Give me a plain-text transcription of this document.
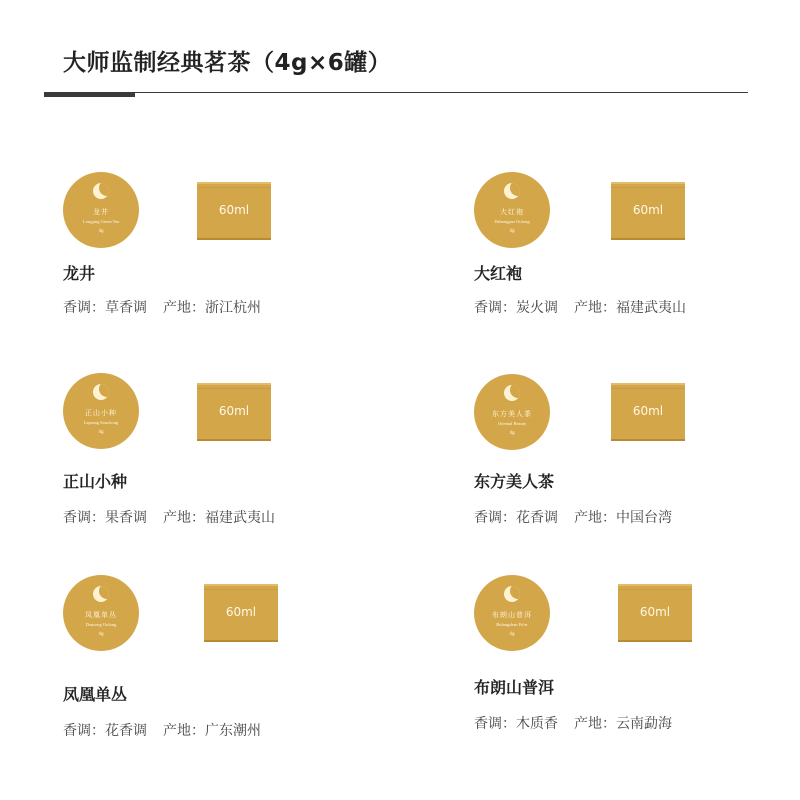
大师监制经典茗茶（4g×6罐）
龙井
Longjing Green Tea
4g
60ml
龙井
香调：草香调 产地：浙江杭州
大红袍
Dahongpao Oolong
4g
60ml
大红袍
香调：炭火调 产地：福建武夷山
正山小种
Lapsang Souchong
4g
60ml
正山小种
香调：果香调 产地：福建武夷山
东方美人茶
Oriental Beauty
4g
60ml
东方美人茶
香调：花香调 产地：中国台湾
凤凰单丛
Dancong Oolong
4g
60ml
凤凰单丛
香调：花香调 产地：广东潮州
布朗山普洱
Bulangshan Pu'er
4g
60ml
布朗山普洱
香调：木质香 产地：云南勐海
